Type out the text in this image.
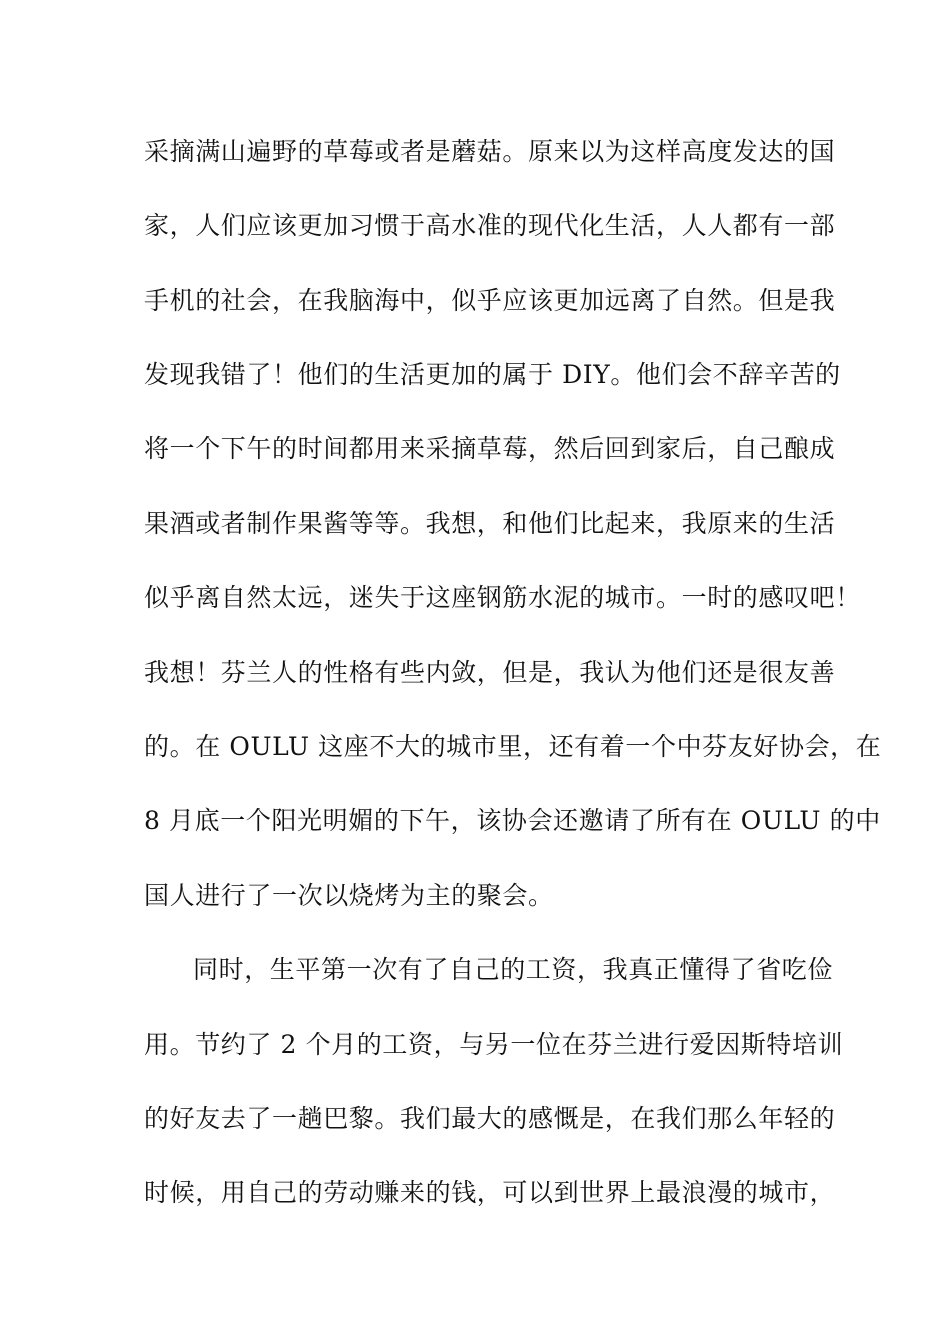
采摘满山遍野的草莓或者是蘑菇。原来以为这样高度发达的国
家，人们应该更加习惯于高水准的现代化生活，人人都有一部
手机的社会，在我脑海中，似乎应该更加远离了自然。但是我
发现我错了！他们的生活更加的属于 DIY。他们会不辞辛苦的
将一个下午的时间都用来采摘草莓，然后回到家后，自己酿成
果酒或者制作果酱等等。我想，和他们比起来，我原来的生活
似乎离自然太远，迷失于这座钢筋水泥的城市。一时的感叹吧！
我想！芬兰人的性格有些内敛，但是，我认为他们还是很友善
的。在 OULU 这座不大的城市里，还有着一个中芬友好协会，在
8 月底一个阳光明媚的下午，该协会还邀请了所有在 OULU 的中
国人进行了一次以烧烤为主的聚会。
同时，生平第一次有了自己的工资，我真正懂得了省吃俭
用。节约了 2 个月的工资，与另一位在芬兰进行爱因斯特培训
的好友去了一趟巴黎。我们最大的感慨是，在我们那么年轻的
时候，用自己的劳动赚来的钱，可以到世界上最浪漫的城市，
